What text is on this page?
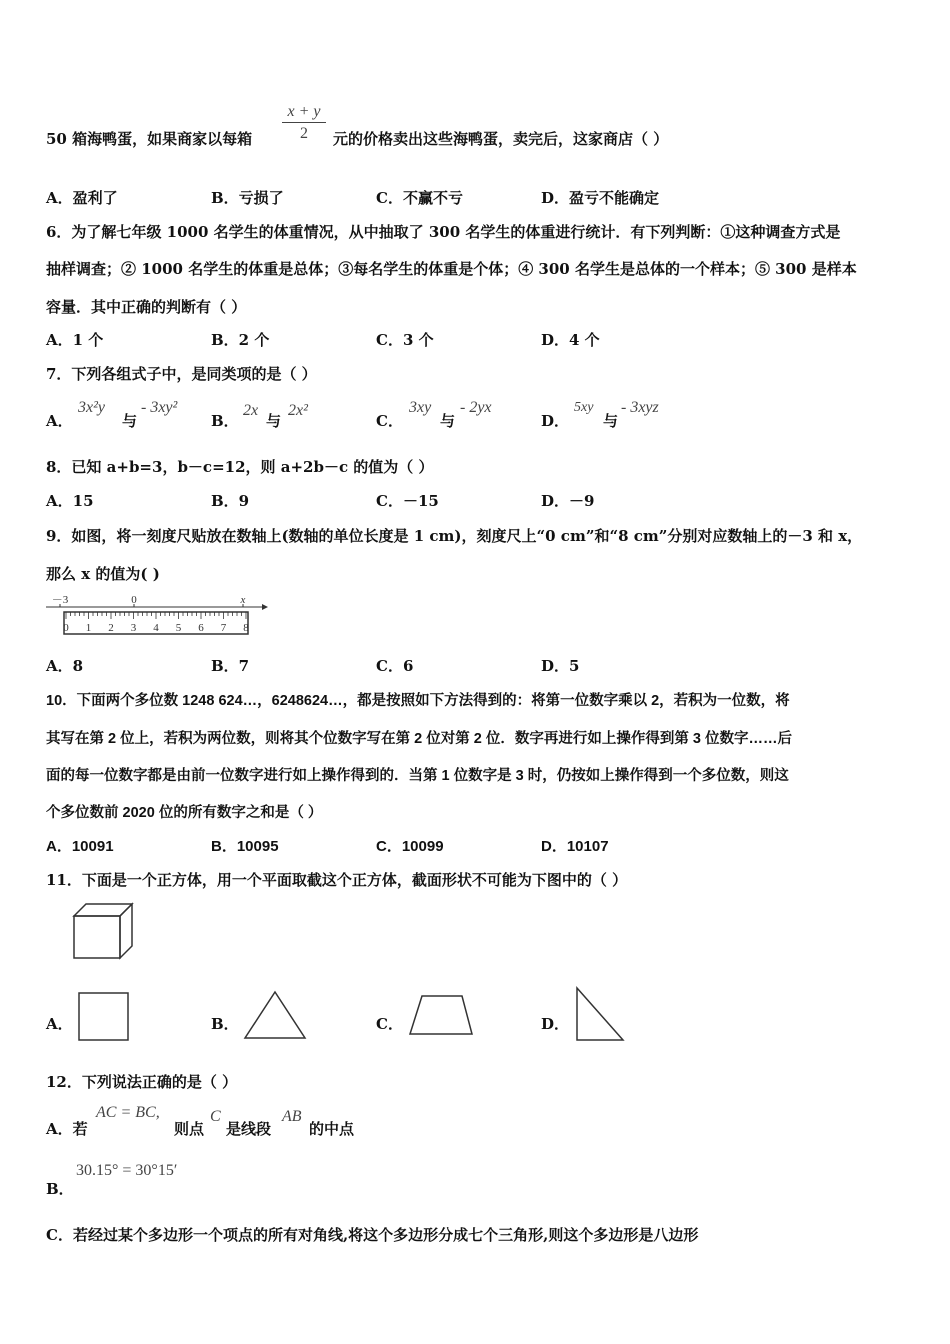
50 箱海鸭蛋，如果商家以每箱 $\frac{x + y}{2}$ 元的价格卖出这些海鸭蛋，卖完后，这家商店（ ）
A．盈利了	B．亏损了	C．不赢不亏	D．盈亏不能确定
6．为了解七年级 1000 名学生的体重情况，从中抽取了 300 名学生的体重进行统计．有下列判断：①这种调查方式是
抽样调查；② 1000 名学生的体重是总体；③每名学生的体重是个体；④ 300 名学生是总体的一个样本；⑤ 300 是样本
容量．其中正确的判断有（ ）
A．1 个	B．2 个	C．3 个	D．4 个
7．下列各组式子中，是同类项的是（ ）
A．
3x²y
与
- 3xy²
B．
2x
与
2x²
C．
3xy
与
- 2yx
D．
5xy
与
- 3xyz
8．已知 a+b=3，b－c=12，则 a+2b－c 的值为（ ）
A．15	B．9	C．－15	D．－9
9．如图，将一刻度尺贴放在数轴上(数轴的单位长度是 1 cm)，刻度尺上“0 cm”和“8 cm”分别对应数轴上的－3 和 x，
那么 x 的值为( )
－3	0	x
0 1 2 3 4 5 6 7 8
A．8	B．7	C．6	D．5
10．下面两个多位数 1248 624…，6248624…，都是按照如下方法得到的：将第一位数字乘以 2，若积为一位数，将
其写在第 2 位上，若积为两位数，则将其个位数字写在第 2 位对第 2 位．数字再进行如上操作得到第 3 位数字……后
面的每一位数字都是由前一位数字进行如上操作得到的．当第 1 位数字是 3 时，仍按如上操作得到一个多位数，则这
个多位数前 2020 位的所有数字之和是（ ）
A．10091	B．10095	C．10099	D．10107
11．下面是一个正方体，用一个平面取截这个正方体，截面形状不可能为下图中的（ ）
A．	B．	C．	D．
12．下列说法正确的是（ ）
A．若
AC = BC,
则点
C
是线段
AB
的中点
30.15° = 30°15′
B．
C．若经过某个多边形一个项点的所有对角线,将这个多边形分成七个三角形,则这个多边形是八边形
